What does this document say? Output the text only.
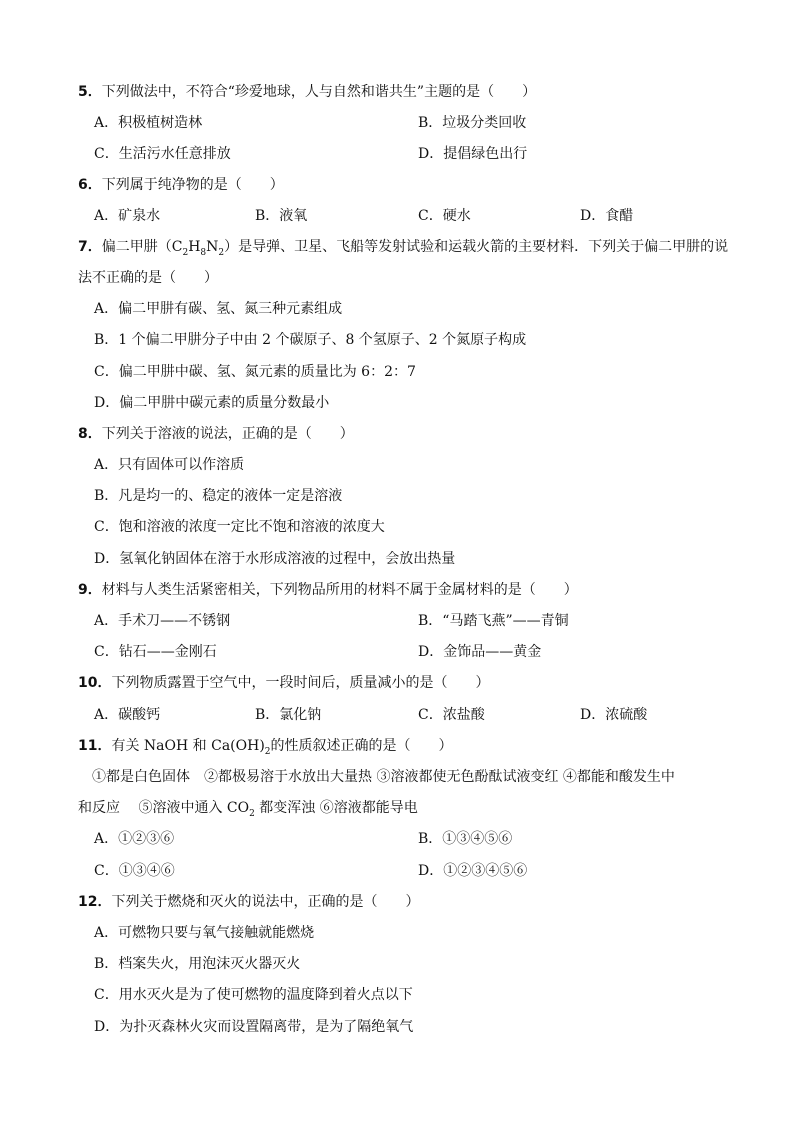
5．下列做法中，不符合“珍爱地球，人与自然和谐共生”主题的是（　　）
A．积极植树造林	B．垃圾分类回收
C．生活污水任意排放	D．提倡绿色出行
6．下列属于纯净物的是（　　）
A．矿泉水	B．液氧	C．硬水	D．食醋
7．偏二甲肼$(C_2H_8N_2)$是导弹、卫星、飞船等发射试验和运载火箭的主要材料．下列关于偏二甲肼的说
法不正确的是（　　）
A．偏二甲肼有碳、氢、氮三种元素组成
B．1 个偏二甲肼分子中由 2 个碳原子、8 个氢原子、2 个氮原子构成
C．偏二甲肼中碳、氢、氮元素的质量比为 6：2：7
D．偏二甲肼中碳元素的质量分数最小
8．下列关于溶液的说法，正确的是（　　）
A．只有固体可以作溶质
B．凡是均一的、稳定的液体一定是溶液
C．饱和溶液的浓度一定比不饱和溶液的浓度大
D．氢氧化钠固体在溶于水形成溶液的过程中，会放出热量
9．材料与人类生活紧密相关，下列物品所用的材料不属于金属材料的是（　　）
A．手术刀——不锈钢	B．“马踏飞燕”——青铜
C．钻石——金刚石	D．金饰品——黄金
10．下列物质露置于空气中，一段时间后，质量减小的是（　　）
A．碳酸钙	B．氯化钠	C．浓盐酸	D．浓硫酸
11．有关 NaOH 和 $Ca(OH)_2$的性质叙述正确的是（　　）
①都是白色固体　②都极易溶于水放出大量热 ③溶液都使无色酚酞试液变红 ④都能和酸发生中
和反应　 ⑤溶液中通入 $CO_2$ 都变浑浊 ⑥溶液都能导电
A．①②③⑥	B．①③④⑤⑥
C．①③④⑥	D．①②③④⑤⑥
12．下列关于燃烧和灭火的说法中，正确的是（　　）
A．可燃物只要与氧气接触就能燃烧
B．档案失火，用泡沫灭火器灭火
C．用水灭火是为了使可燃物的温度降到着火点以下
D．为扑灭森林火灾而设置隔离带，是为了隔绝氧气
